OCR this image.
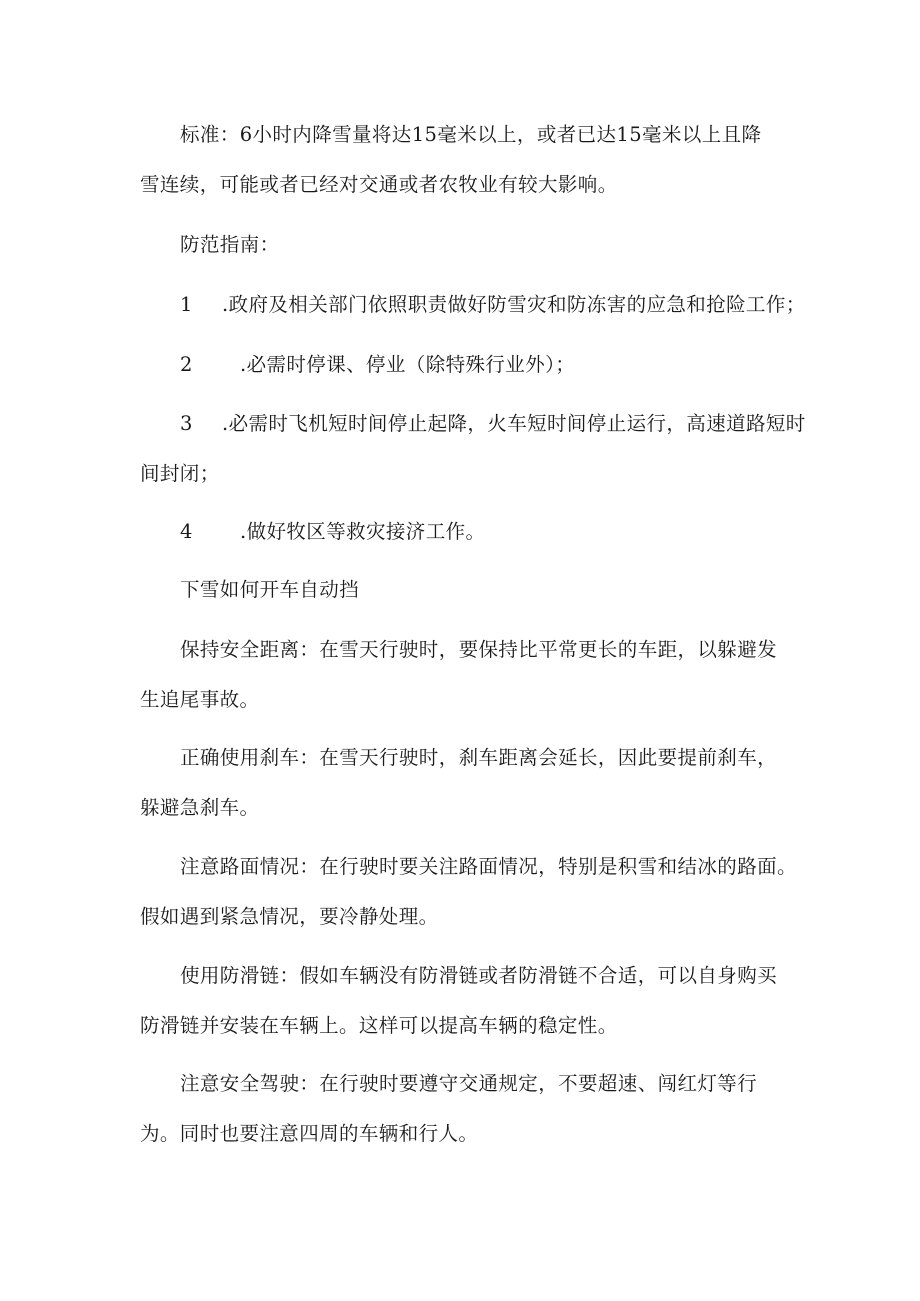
标准：6小时内降雪量将达15毫米以上，或者已达15毫米以上且降

雪连续，可能或者已经对交通或者农牧业有较大影响。

防范指南：

1 .政府及相关部门依照职责做好防雪灾和防冻害的应急和抢险工作；

2 .必需时停课、停业（除特殊行业外）；

3 .必需时飞机短时间停止起降，火车短时间停止运行，高速道路短时

间封闭；

4 .做好牧区等救灾接济工作。

下雪如何开车自动挡

保持安全距离：在雪天行驶时，要保持比平常更长的车距，以躲避发

生追尾事故。

正确使用刹车：在雪天行驶时，刹车距离会延长，因此要提前刹车，

躲避急刹车。

注意路面情况：在行驶时要关注路面情况，特别是积雪和结冰的路面。

假如遇到紧急情况，要冷静处理。

使用防滑链：假如车辆没有防滑链或者防滑链不合适，可以自身购买

防滑链并安装在车辆上。这样可以提高车辆的稳定性。

注意安全驾驶：在行驶时要遵守交通规定，不要超速、闯红灯等行

为。同时也要注意四周的车辆和行人。
